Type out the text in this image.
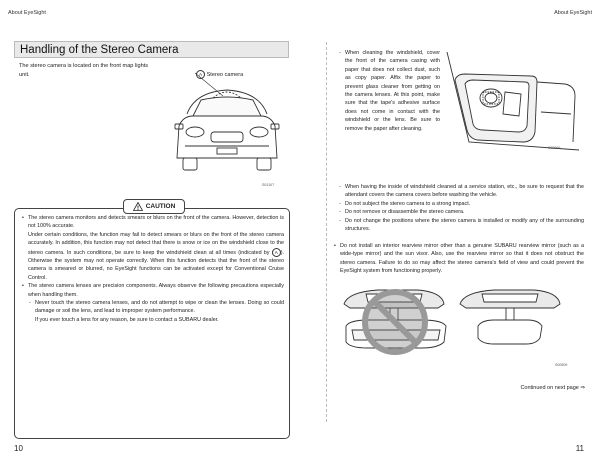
About EyeSight	About EyeSight
Handling of the Stereo Camera
The stereo camera is located on the front map lights unit.	A Stereo camera
S01107
! CAUTION
• The stereo camera monitors and detects smears or blurs on the front of the camera. However, detection is not 100% accurate.
Under certain conditions, the function may fail to detect smears or blurs on the front of the stereo camera accurately. In addition, this function may not detect that there is snow or ice on the windshield close to the stereo camera. In such conditions, be sure to keep the windshield clean at all times (indicated by A ). Otherwise the system may not operate correctly. When this function detects that the front of the stereo camera is smeared or blurred, no EyeSight functions can be activated except for Conventional Cruise Control.
• The stereo camera lenses are precision components. Always observe the following precautions especially when handling them.
- Never touch the stereo camera lenses, and do not attempt to wipe or clean the lenses. Doing so could damage or soil the lens, and lead to improper system performance.
If you ever touch a lens for any reason, be sure to contact a SUBARU dealer.
10
- When cleaning the windshield, cover the front of the camera casing with paper that does not collect dust, such as copy paper. Affix the paper to prevent glass cleaner from getting on the camera lenses. At this point, make sure that the tape's adhesive surface does not come in contact with the windshield or the lens. Be sure to remove the paper after cleaning.
S02966
- When having the inside of windshield cleaned at a service station, etc., be sure to request that the attendant covers the camera covers before washing the vehicle.
- Do not subject the stereo camera to a strong impact.
- Do not remove or disassemble the stereo camera.
- Do not change the positions where the stereo camera is installed or modify any of the surrounding structures.
• Do not install an interior rearview mirror other than a genuine SUBARU rearview mirror (such as a wide-type mirror) and the sun visor. Also, use the rearview mirror so that it does not obstruct the stereo camera. Failure to do so may affect the stereo camera's field of view and could prevent the EyeSight system from functioning properly.
S00509
Continued on next page ⇒
11
